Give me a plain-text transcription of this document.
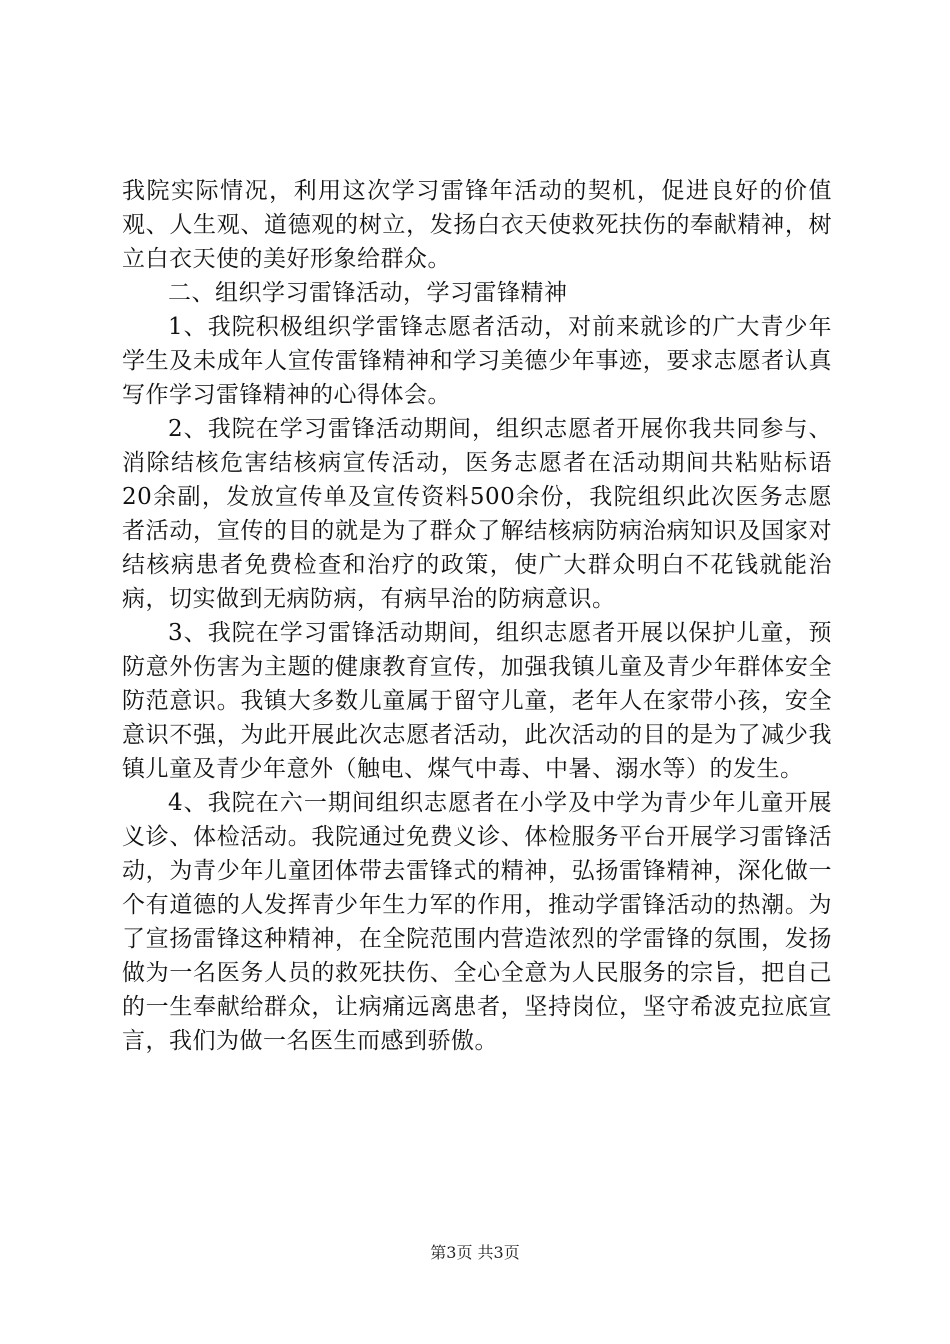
我院实际情况，利用这次学习雷锋年活动的契机，促进良好的价值观、人生观、道德观的树立，发扬白衣天使救死扶伤的奉献精神，树立白衣天使的美好形象给群众。

二、组织学习雷锋活动，学习雷锋精神

1、我院积极组织学雷锋志愿者活动，对前来就诊的广大青少年学生及未成年人宣传雷锋精神和学习美德少年事迹，要求志愿者认真写作学习雷锋精神的心得体会。

2、我院在学习雷锋活动期间，组织志愿者开展你我共同参与、消除结核危害结核病宣传活动，医务志愿者在活动期间共粘贴标语20余副，发放宣传单及宣传资料500余份，我院组织此次医务志愿者活动，宣传的目的就是为了群众了解结核病防病治病知识及国家对结核病患者免费检查和治疗的政策，使广大群众明白不花钱就能治病，切实做到无病防病，有病早治的防病意识。

3、我院在学习雷锋活动期间，组织志愿者开展以保护儿童，预防意外伤害为主题的健康教育宣传，加强我镇儿童及青少年群体安全防范意识。我镇大多数儿童属于留守儿童，老年人在家带小孩，安全意识不强，为此开展此次志愿者活动，此次活动的目的是为了减少我镇儿童及青少年意外（触电、煤气中毒、中暑、溺水等）的发生。

4、我院在六一期间组织志愿者在小学及中学为青少年儿童开展义诊、体检活动。我院通过免费义诊、体检服务平台开展学习雷锋活动，为青少年儿童团体带去雷锋式的精神，弘扬雷锋精神，深化做一个有道德的人发挥青少年生力军的作用，推动学雷锋活动的热潮。为了宣扬雷锋这种精神，在全院范围内营造浓烈的学雷锋的氛围，发扬做为一名医务人员的救死扶伤、全心全意为人民服务的宗旨，把自己的一生奉献给群众，让病痛远离患者，坚持岗位，坚守希波克拉底宣言，我们为做一名医生而感到骄傲。

第3页 共3页
